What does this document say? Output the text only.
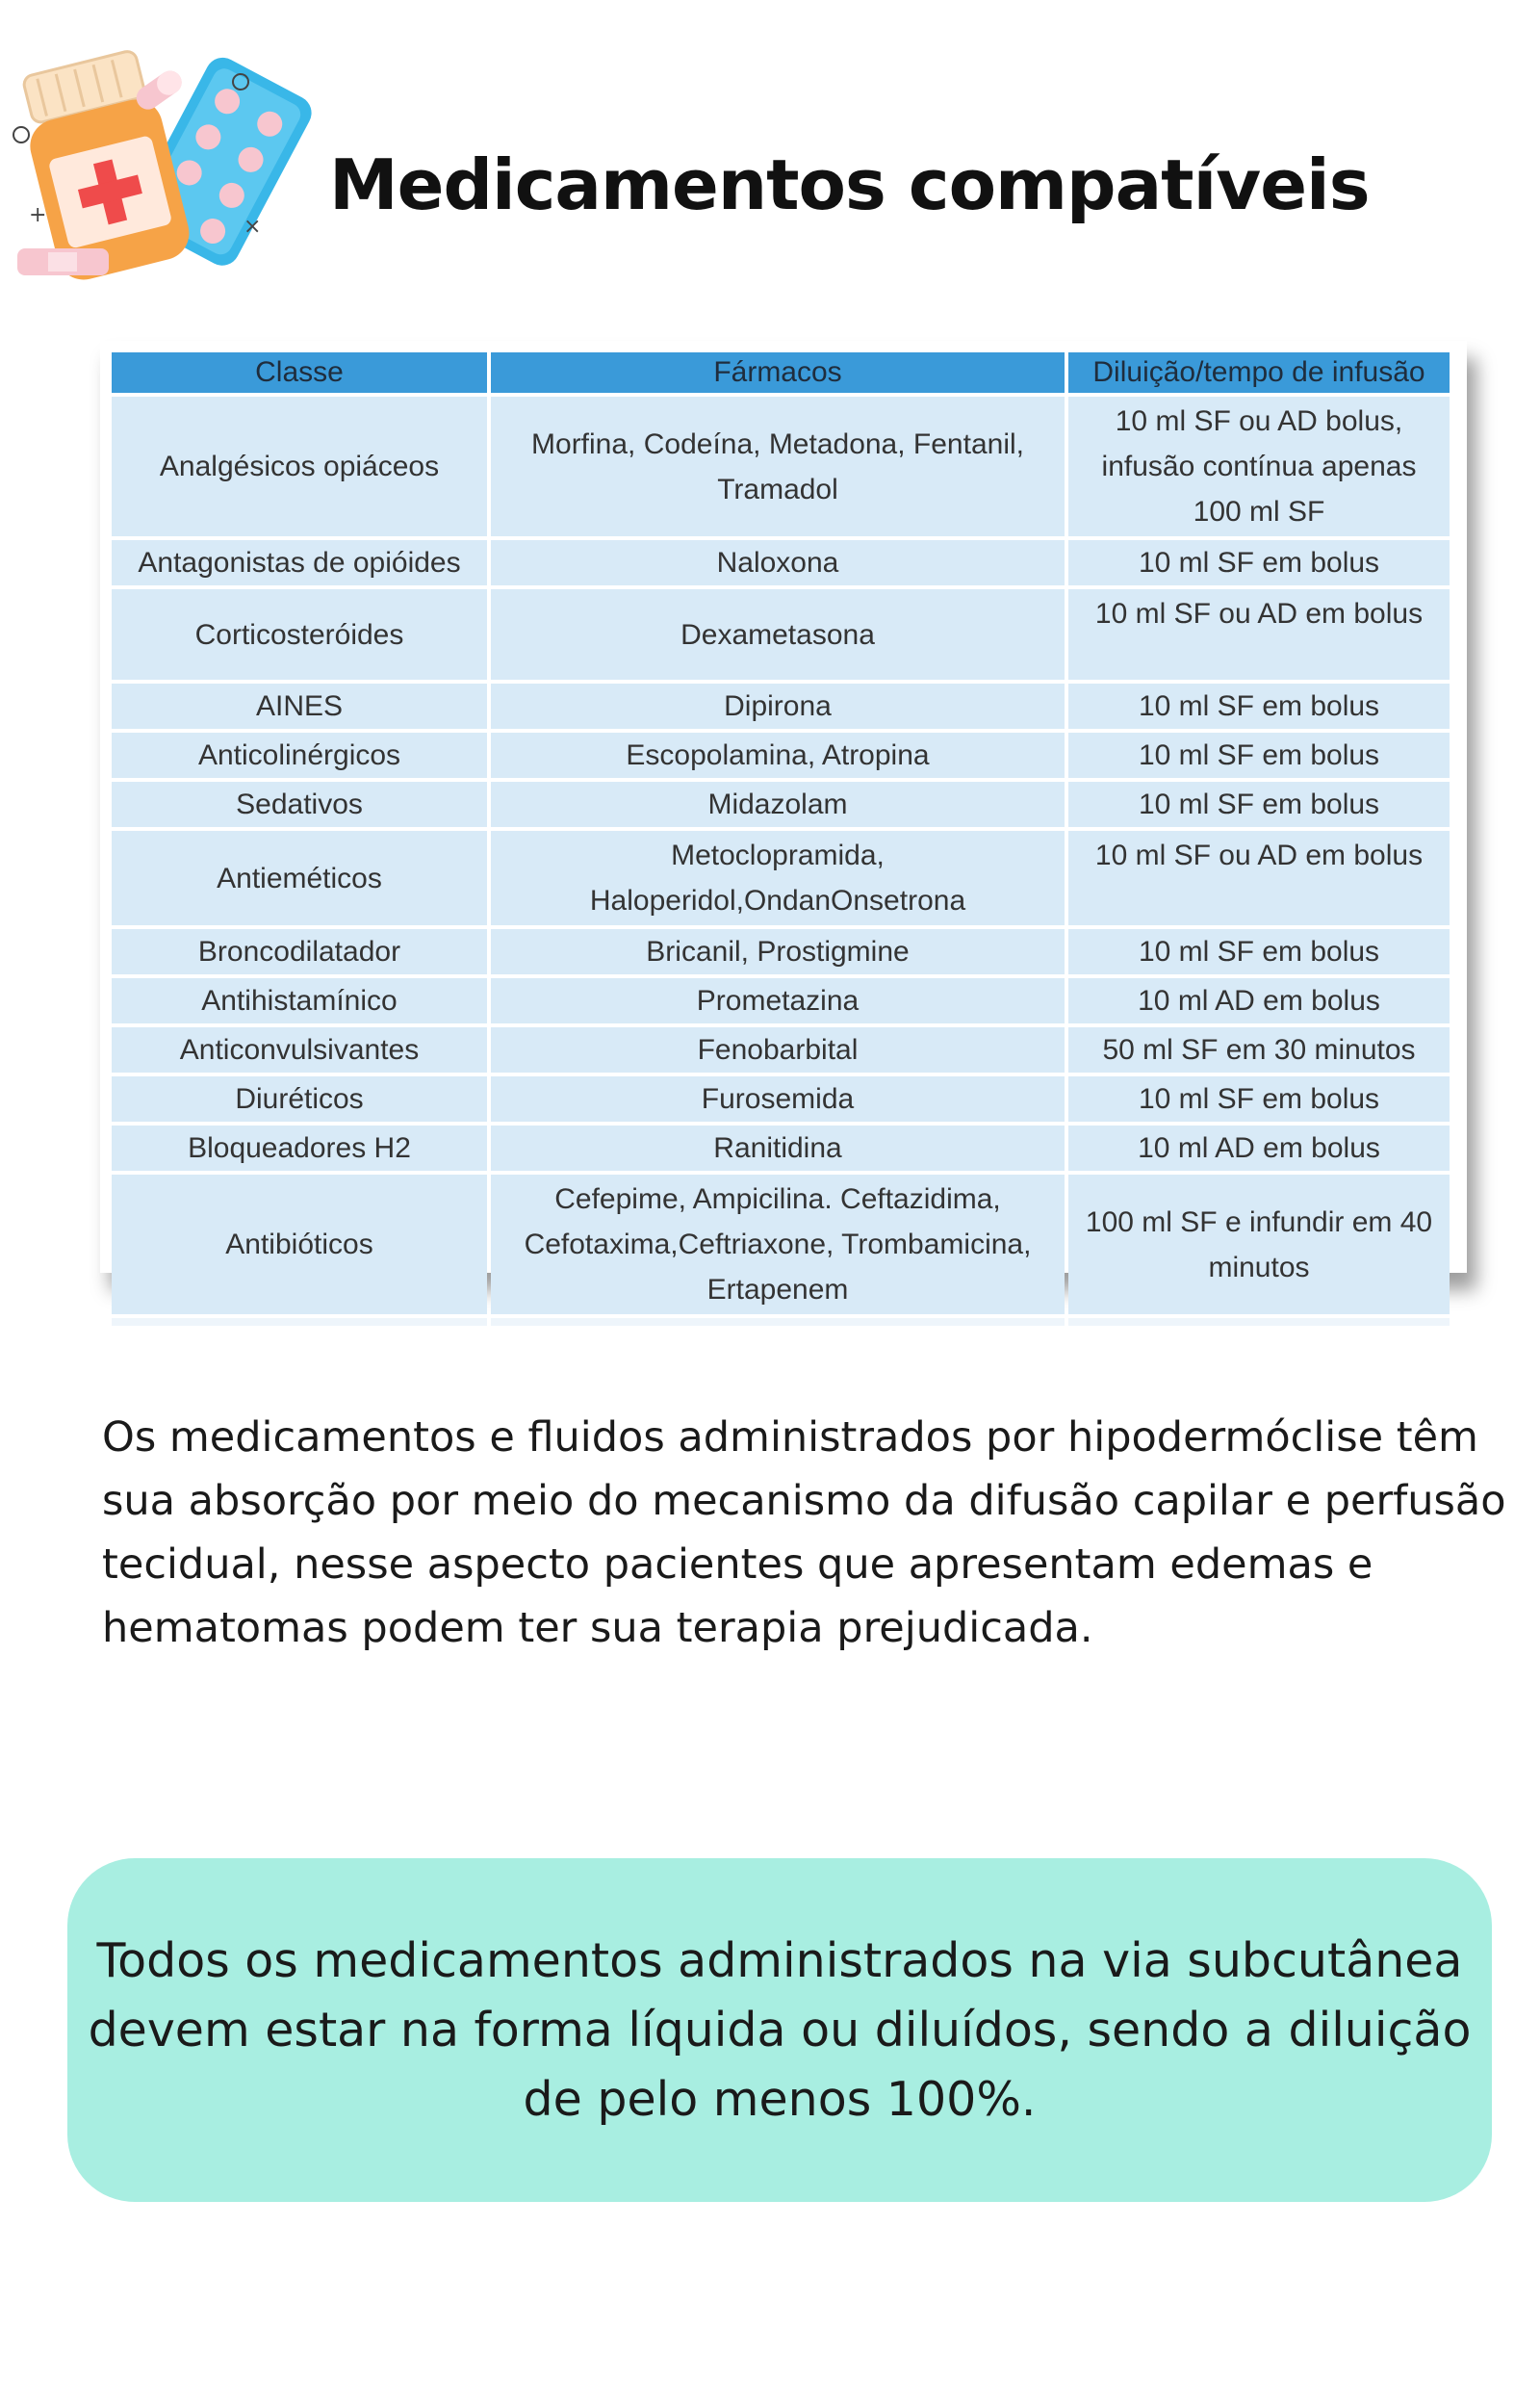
+	×
Medicamentos compatíveis
Classe	Fármacos	Diluição/tempo de infusão
Analgésicos opiáceos	Morfina, Codeína, Metadona, Fentanil, Tramadol	10 ml SF ou AD bolus, infusão contínua apenas 100 ml SF
Antagonistas de opióides	Naloxona	10 ml SF em bolus
Corticosteróides	Dexametasona	10 ml SF ou AD em bolus
AINES	Dipirona	10 ml SF em bolus
Anticolinérgicos	Escopolamina, Atropina	10 ml SF em bolus
Sedativos	Midazolam	10 ml SF em bolus
Antieméticos	Metoclopramida, Haloperidol,OndanOnsetrona	10 ml SF ou AD em bolus
Broncodilatador	Bricanil, Prostigmine	10 ml SF em bolus
Antihistamínico	Prometazina	10 ml AD em bolus
Anticonvulsivantes	Fenobarbital	50 ml SF em 30 minutos
Diuréticos	Furosemida	10 ml SF em bolus
Bloqueadores H2	Ranitidina	10 ml AD em bolus
Antibióticos	Cefepime, Ampicilina. Ceftazidima, Cefotaxima,Ceftriaxone, Trombamicina, Ertapenem	100 ml SF e infundir em 40 minutos

Os medicamentos e fluidos administrados por hipodermóclise têm sua absorção por meio do mecanismo da difusão capilar e perfusão tecidual, nesse aspecto pacientes que apresentam edemas e hematomas podem ter sua terapia prejudicada.

Todos os medicamentos administrados na via subcutânea devem estar na forma líquida ou diluídos, sendo a diluição de pelo menos 100%.
